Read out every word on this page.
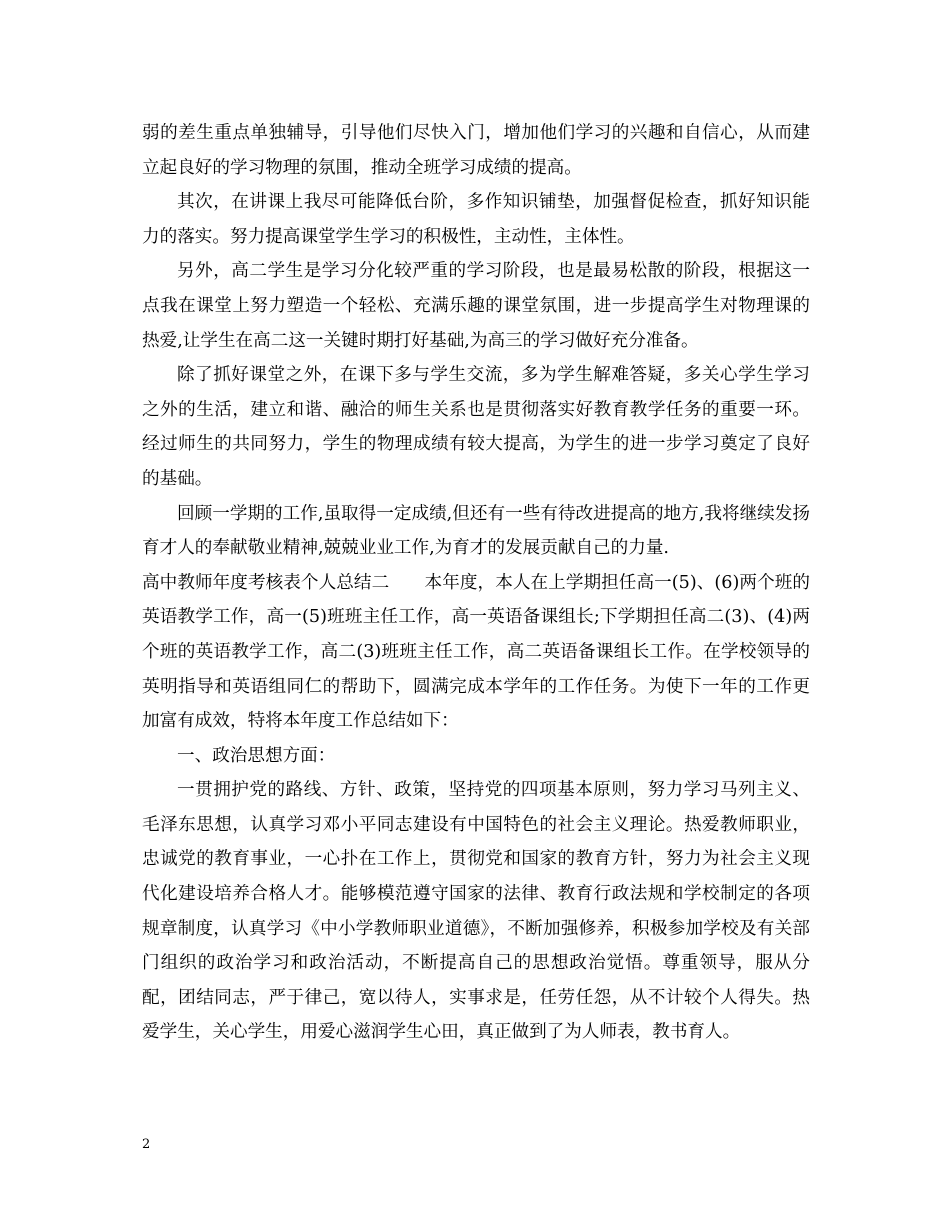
弱的差生重点单独辅导，引导他们尽快入门，增加他们学习的兴趣和自信心，从而建立起良好的学习物理的氛围，推动全班学习成绩的提高。

其次，在讲课上我尽可能降低台阶，多作知识铺垫，加强督促检查，抓好知识能力的落实。努力提高课堂学生学习的积极性，主动性，主体性。

另外，高二学生是学习分化较严重的学习阶段，也是最易松散的阶段，根据这一点我在课堂上努力塑造一个轻松、充满乐趣的课堂氛围，进一步提高学生对物理课的热爱,让学生在高二这一关键时期打好基础,为高三的学习做好充分准备。

除了抓好课堂之外，在课下多与学生交流，多为学生解难答疑，多关心学生学习之外的生活，建立和谐、融洽的师生关系也是贯彻落实好教育教学任务的重要一环。经过师生的共同努力，学生的物理成绩有较大提高，为学生的进一步学习奠定了良好的基础。

回顾一学期的工作,虽取得一定成绩,但还有一些有待改进提高的地方,我将继续发扬育才人的奉献敬业精神,兢兢业业工作,为育才的发展贡献自己的力量.

高中教师年度考核表个人总结二　　本年度，本人在上学期担任高一(5)、(6)两个班的英语教学工作，高一(5)班班主任工作，高一英语备课组长;下学期担任高二(3)、(4)两个班的英语教学工作，高二(3)班班主任工作，高二英语备课组长工作。在学校领导的英明指导和英语组同仁的帮助下，圆满完成本学年的工作任务。为使下一年的工作更加富有成效，特将本年度工作总结如下：

一、政治思想方面：

一贯拥护党的路线、方针、政策，坚持党的四项基本原则，努力学习马列主义、毛泽东思想，认真学习邓小平同志建设有中国特色的社会主义理论。热爱教师职业，忠诚党的教育事业，一心扑在工作上，贯彻党和国家的教育方针，努力为社会主义现代化建设培养合格人才。能够模范遵守国家的法律、教育行政法规和学校制定的各项规章制度，认真学习《中小学教师职业道德》，不断加强修养，积极参加学校及有关部门组织的政治学习和政治活动，不断提高自己的思想政治觉悟。尊重领导，服从分配，团结同志，严于律己，宽以待人，实事求是，任劳任怨，从不计较个人得失。热爱学生，关心学生，用爱心滋润学生心田，真正做到了为人师表，教书育人。

2
